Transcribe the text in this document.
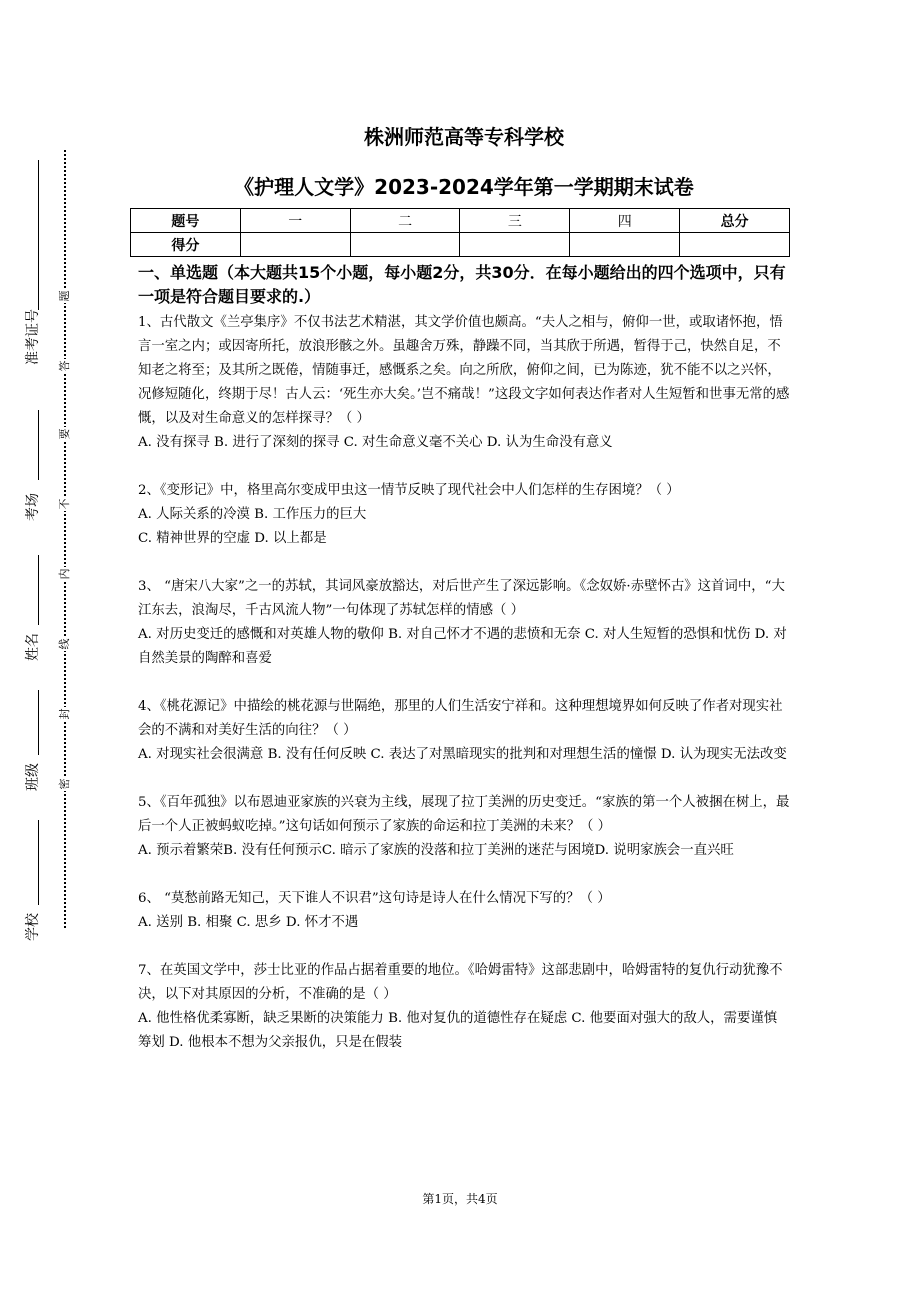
准考证号
考场
姓名
班级
学校
题
答
要
不
内
线
封
密
株洲师范高等专科学校
《护理人文学》2023-2024学年第一学期期末试卷
题号	一	二	三	四	总分
得分					

一、单选题（本大题共15个小题，每小题2分，共30分．在每小题给出的四个选项中，只有一项是符合题目要求的.）

1、古代散文《兰亭集序》不仅书法艺术精湛，其文学价值也颇高。“夫人之相与，俯仰一世，或取诸怀抱，悟言一室之内；或因寄所托，放浪形骸之外。虽趣舍万殊，静躁不同，当其欣于所遇，暂得于己，快然自足，不知老之将至；及其所之既倦，情随事迁，感慨系之矣。向之所欣，俯仰之间，已为陈迹，犹不能不以之兴怀，况修短随化，终期于尽！古人云：‘死生亦大矣。’岂不痛哉！”这段文字如何表达作者对人生短暂和世事无常的感慨，以及对生命意义的怎样探寻？（ ）

A. 没有探寻 B. 进行了深刻的探寻 C. 对生命意义毫不关心 D. 认为生命没有意义

2、《变形记》中，格里高尔变成甲虫这一情节反映了现代社会中人们怎样的生存困境？（ ）

A. 人际关系的冷漠 B. 工作压力的巨大

C. 精神世界的空虚 D. 以上都是

3、 “唐宋八大家”之一的苏轼，其词风豪放豁达，对后世产生了深远影响。《念奴娇·赤壁怀古》这首词中，“大江东去，浪淘尽，千古风流人物”一句体现了苏轼怎样的情感（ ）

A. 对历史变迁的感慨和对英雄人物的敬仰 B. 对自己怀才不遇的悲愤和无奈 C. 对人生短暂的恐惧和忧伤 D. 对自然美景的陶醉和喜爱

4、《桃花源记》中描绘的桃花源与世隔绝，那里的人们生活安宁祥和。这种理想境界如何反映了作者对现实社会的不满和对美好生活的向往？（ ）

A. 对现实社会很满意 B. 没有任何反映 C. 表达了对黑暗现实的批判和对理想生活的憧憬 D. 认为现实无法改变

5、《百年孤独》以布恩迪亚家族的兴衰为主线，展现了拉丁美洲的历史变迁。“家族的第一个人被捆在树上，最后一个人正被蚂蚁吃掉。”这句话如何预示了家族的命运和拉丁美洲的未来？（ ）

A. 预示着繁荣B. 没有任何预示C. 暗示了家族的没落和拉丁美洲的迷茫与困境D. 说明家族会一直兴旺

6、 “莫愁前路无知己，天下谁人不识君”这句诗是诗人在什么情况下写的？（ ）

A. 送别 B. 相聚 C. 思乡 D. 怀才不遇

7、在英国文学中，莎士比亚的作品占据着重要的地位。《哈姆雷特》这部悲剧中，哈姆雷特的复仇行动犹豫不决，以下对其原因的分析，不准确的是（ ）

A. 他性格优柔寡断，缺乏果断的决策能力 B. 他对复仇的道德性存在疑虑 C. 他要面对强大的敌人，需要谨慎筹划 D. 他根本不想为父亲报仇，只是在假装

第1页，共4页
